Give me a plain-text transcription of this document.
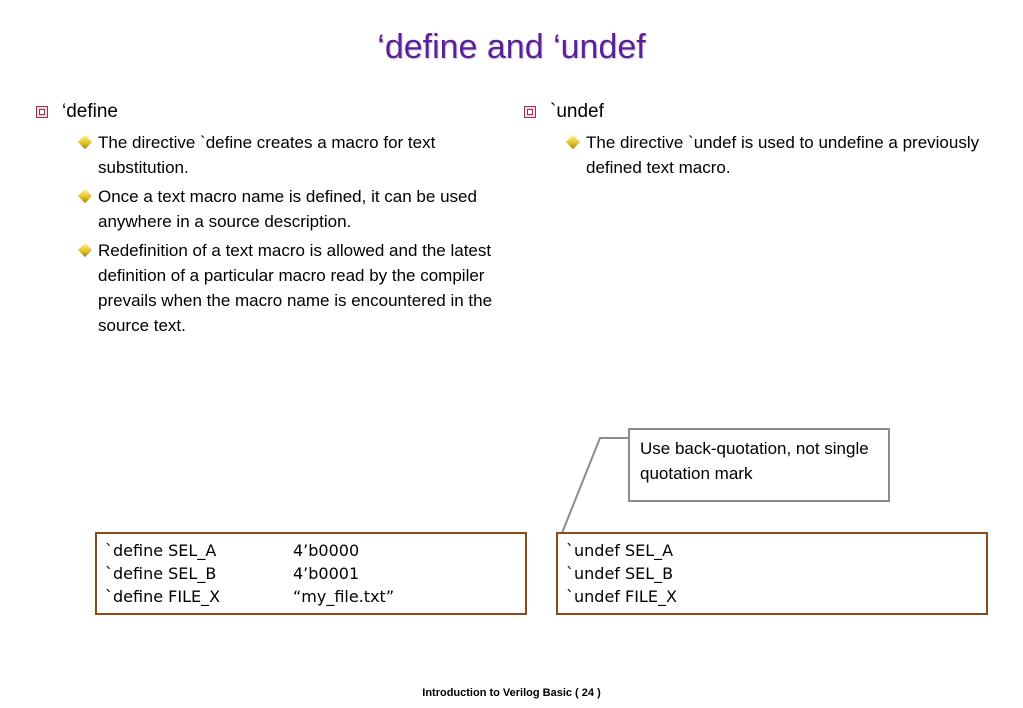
‘define and ‘undef
‘define
The directive `define creates a macro for text substitution.
Once a text macro name is defined, it can be used anywhere in a source description.
Redefinition of a text macro is allowed and the latest definition of a particular macro read by the compiler prevails when the macro name is encountered in the source text.
`undef
The directive `undef is used to undefine a previously defined text macro.
Use back-quotation, not single quotation mark
`define SEL_A	4’b0000
`define SEL_B	4’b0001
`define FILE_X	“my_file.txt”
`undef SEL_A
`undef SEL_B
`undef FILE_X
Introduction to Verilog Basic ( 24 )
